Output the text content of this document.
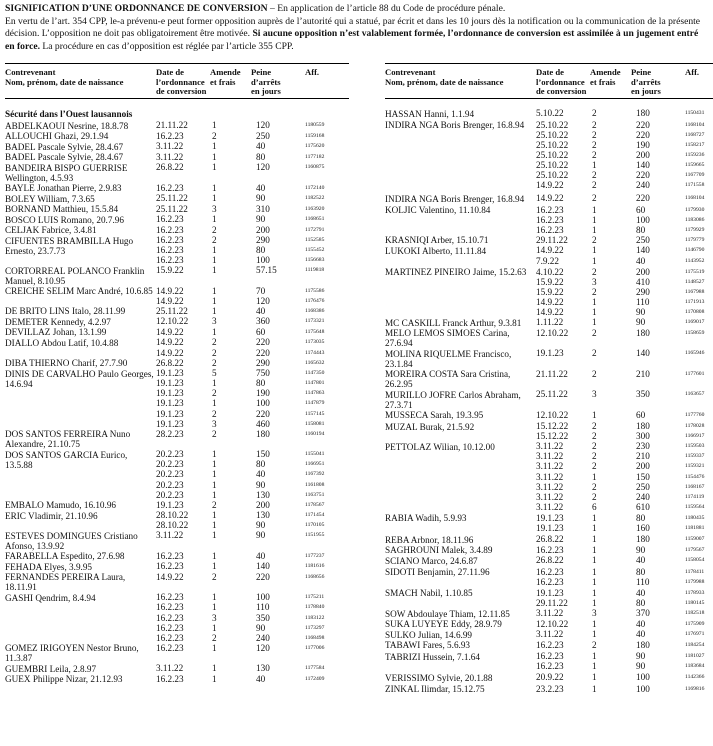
SIGNIFICATION D’UNE ORDONNANCE DE CONVERSION – En application de l’article 88 du Code de procédure pénale.
En vertu de l’art. 354 CPP, le-a prévenu-e peut former opposition auprès de l’autorité qui a statué, par écrit et dans les 10 jours dès la notification ou la communication de la présente décision. L’opposition ne doit pas obligatoirement être motivée. Si aucune opposition n’est valablement formée, l’ordonnance de conversion est assimilée à un jugement entré en force. La procédure en cas d’opposition est réglée par l’article 355 CPP.
Contrevenant
Nom, prénom, date de naissance
Date de
l’ordonnance
de conversion
Amende
et frais
Peine
d’arrêts
en jours
Aff.
Sécurité dans l’Ouest lausannois
ABDELKAOUI Nesrine, 18.8.78	21.11.22	1	120	1180559
ALLOUCHI Ghazi, 29.1.94	16.2.23	2	250	1159168
BADEL Pascale Sylvie, 28.4.67	3.11.22	1	40	1175620
BADEL Pascale Sylvie, 28.4.67	3.11.22	1	80	1177182
BANDEIRA BISPO GUERRISE Wellington, 4.5.93
26.8.22	1	120	1160875
BAYLE Jonathan Pierre, 2.9.83	16.2.23	1	40	1172140
BOLEY William, 7.3.65	25.11.22	1	90	1182522
BORNAND Matthieu, 15.5.84	25.11.22	3	310	1163920
BOSCO LUIS Romano, 20.7.96	16.2.23	1	90	1168651
CELJAK Fabrice, 3.4.81	16.2.23	2	200	1172791
CIFUENTES BRAMBILLA Hugo Ernesto, 23.7.73
16.2.23	2	290	1152585
16.2.23	1	80	1155452
16.2.23	1	100	1156683
CORTORREAL POLANCO Franklin Manuel, 8.10.95
15.9.22	1	57.15	1119818
CREICHE SELIM Marc André, 10.6.85 14.9.22	1	70	1175586
14.9.22	1	120	1176476
DE BRITO LINS Italo, 28.11.99	25.11.22	1	40	1168386
DEMETER Kennedy, 4.2.97	12.10.22	3	360	1173321
DEVILLAZ Johan, 13.1.99	14.9.22	1	60	1175648
DIALLO Abdou Latif, 10.4.88	14.9.22	2	220	1173035
14.9.22	2	220	1174443
DIBA THIERNO Charif, 27.7.90	26.8.22	2	290	1165632
DINIS DE CARVALHO Paulo Georges, 14.6.94
19.1.23	5	750	1147350
19.1.23	1	80	1147801
19.1.23	2	190	1147863
19.1.23	1	100	1147879
19.1.23	2	220	1157145
19.1.23	3	460	1158081
DOS SANTOS FERREIRA Nuno Alexandre, 21.10.75
28.2.23	2	180	1160194
DOS SANTOS GARCIA Eurico, 13.5.88
20.2.23	1	150	1155041
20.2.23	1	80	1166951
20.2.23	1	40	1167392
20.2.23	1	90	1161808
20.2.23	1	130	1163751
EMBALO Mamudo, 16.10.96	19.1.23	2	200	1178567
ERIC Vladimir, 21.10.96	28.10.22	1	130	1171454
28.10.22	1	90	1170105
ESTEVES DOMINGUES Cristiano Afonso, 13.9.92
3.11.22	1	90	1151955
FARABELLA Espedito, 27.6.98	16.2.23	1	40	1177237
FEHADA Elyes, 3.9.95	16.2.23	1	140	1181616
FERNANDES PEREIRA Laura, 18.11.91
14.9.22	2	220	1168656
GASHI Qendrim, 8.4.94	16.2.23	1	100	1175211
16.2.23	1	110	1178840
16.2.23	3	350	1183122
16.2.23	1	90	1173297
16.2.23	2	240	1168498
GOMEZ IRIGOYEN Nestor Bruno, 11.3.87
16.2.23	1	120	1177006
GUEMBRI Leila, 2.8.97	3.11.22	1	130	1177584
GUEX Philippe Nizar, 21.12.93	16.2.23	1	40	1172409
Contrevenant
Nom, prénom, date de naissance
Date de
l’ordonnance
de conversion
Amende
et frais
Peine
d’arrêts
en jours
Aff.
HASSAN Hanni, 1.1.94	5.10.22	2	180	1150431
INDIRA NGA Boris Brenger, 16.8.94	25.10.22	2	220	1168104
25.10.22	2	220	1168727
25.10.22	2	190	1158217
25.10.22	2	200	1159236
25.10.22	1	140	1159665
25.10.22	2	220	1167709
14.9.22	2	240	1171558
INDIRA NGA Boris Brenger, 16.8.94	14.9.22	2	220	1168104
KOLJIC Valentino, 11.10.84	16.2.23	1	60	1179930
16.2.23	1	100	1183086
16.2.23	1	80	1179929
KRASNIQI Arber, 15.10.71	29.11.22	2	250	1179779
LUKOKI Alberto, 11.11.84	14.9.22	1	140	1146790
7.9.22	1	40	1143952
MARTINEZ PINEIRO Jaime, 15.2.63	4.10.22	2	200	1175519
15.9.22	3	410	1148527
15.9.22	2	290	1167988
14.9.22	1	110	1171913
14.9.22	1	90	1170808
MC CASKILL Franck Arthur, 9.3.81	1.11.22	1	90	1169017
MELO LEMOS SIMOES Carina, 27.6.94
12.10.22	2	180	1158659
MOLINA RIQUELME Francisco, 23.1.84
19.1.23	2	140	1165946
MOREIRA COSTA Sara Cristina, 26.2.95
21.11.22	2	210	1177601
MURILLO JOFRE Carlos Abraham, 27.3.71
25.11.22	3	350	1163657
MUSSECA Sarah, 19.3.95	12.10.22	1	60	1177760
MUZAL Burak, 21.5.92	15.12.22	2	180	1178028
15.12.22	2	300	1166917
PETTOLAZ Wilian, 10.12.00	3.11.22	2	230	1159503
3.11.22	2	210	1159337
3.11.22	2	200	1159321
3.11.22	1	150	1154476
3.11.22	2	250	1168167
3.11.22	2	240	1174119
3.11.22	6	610	1159564
RABIA Wadih, 5.9.93	19.1.23	1	80	1180435
19.1.23	1	160	1181881
REBA Arbnor, 18.11.96	26.8.22	1	180	1159007
SAGHROUNI Malek, 3.4.89	16.2.23	1	90	1179567
SCIANO Marco, 24.6.87	26.8.22	1	40	1158054
SIDOTI Benjamin, 27.11.96	16.2.23	1	80	1178411
16.2.23	1	110	1179988
SMACH Nabil, 1.10.85	19.1.23	1	40	1178933
29.11.22	1	80	1180145
SOW Abdoulaye Thiam, 12.11.85	3.11.22	3	370	1182518
SUKA LUYEYE Eddy, 28.9.79	12.10.22	1	40	1175909
SULKO Julian, 14.6.99	3.11.22	1	40	1176971
TABAWI Fares, 5.6.93	16.2.23	2	180	1184254
TABRIZI Hussein, 7.1.64	16.2.23	1	90	1181027
16.2.23	1	90	1183684
VERISSIMO Sylvie, 20.1.88	20.9.22	1	100	1142366
ZINKAL Ilimdar, 15.12.75	23.2.23	1	100	1169816
